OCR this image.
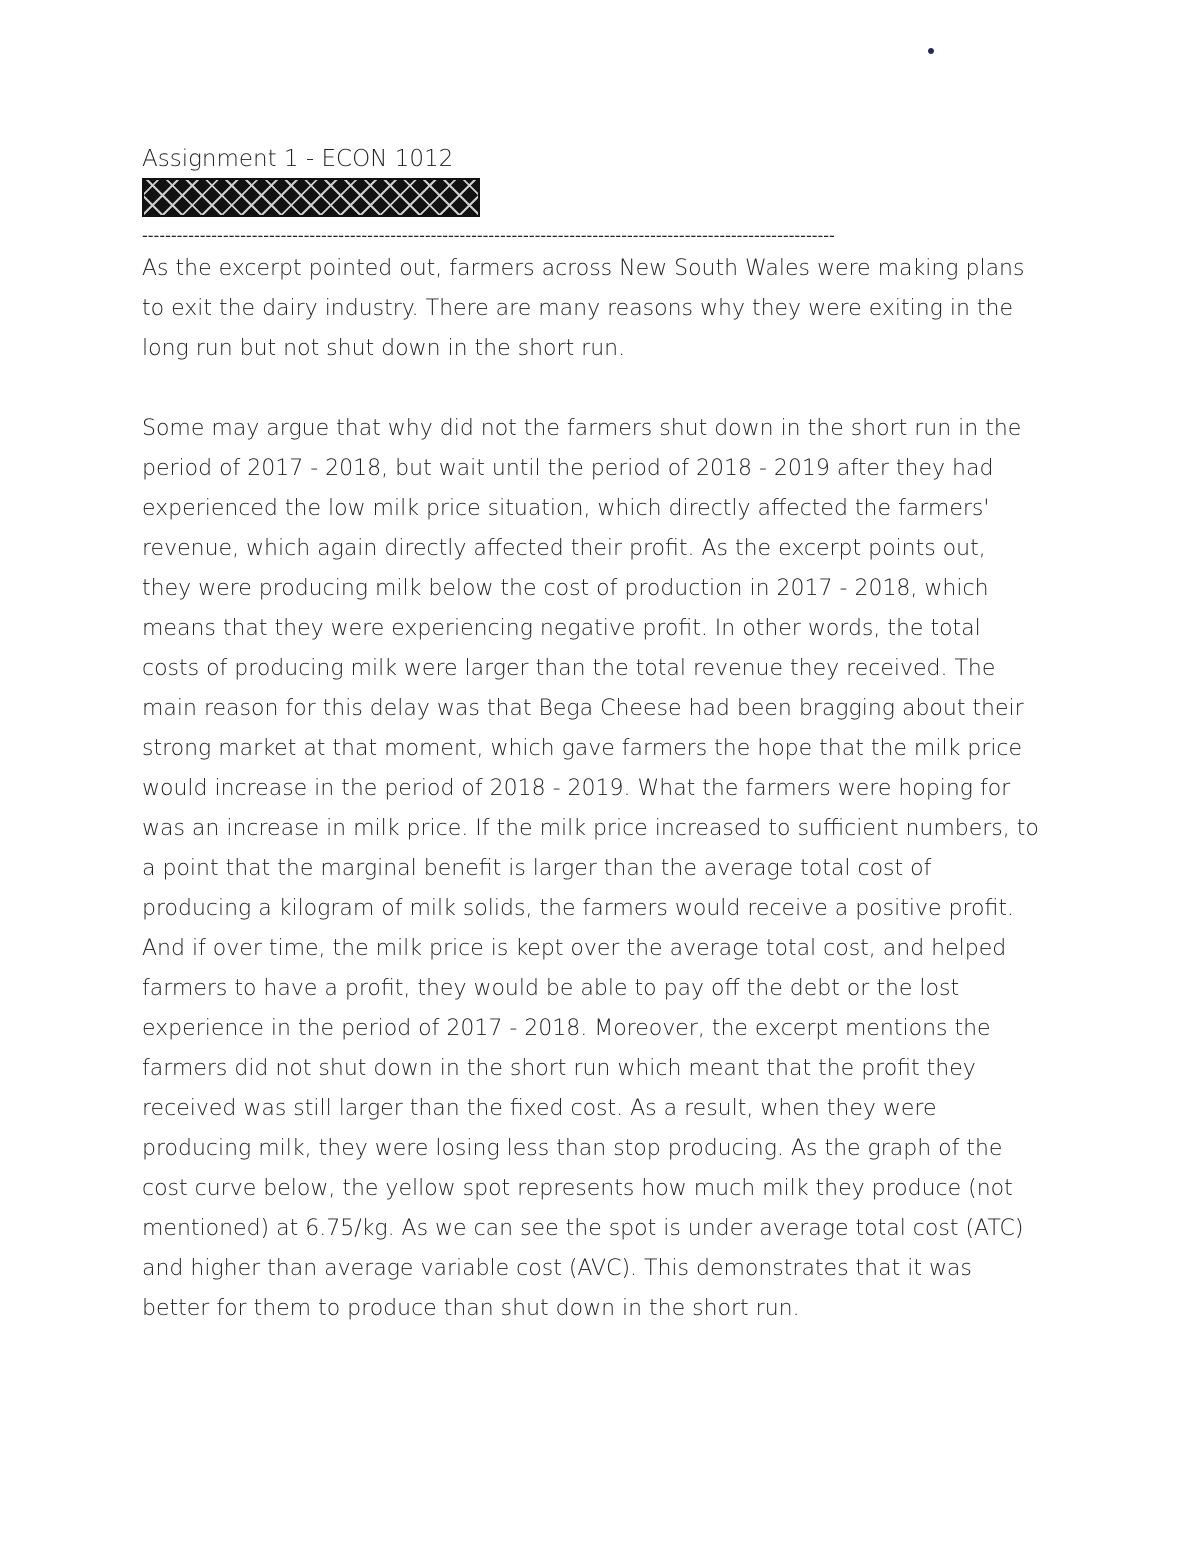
Assignment 1 - ECON 1012
------------------------------------------------------------------------------------------------------------------------
As the excerpt pointed out, farmers across New South Wales were making plans
to exit the dairy industry. There are many reasons why they were exiting in the
long run but not shut down in the short run.
Some may argue that why did not the farmers shut down in the short run in the
period of 2017 - 2018, but wait until the period of 2018 - 2019 after they had
experienced the low milk price situation, which directly affected the farmers'
revenue, which again directly affected their profit. As the excerpt points out,
they were producing milk below the cost of production in 2017 - 2018, which
means that they were experiencing negative profit. In other words, the total
costs of producing milk were larger than the total revenue they received. The
main reason for this delay was that Bega Cheese had been bragging about their
strong market at that moment, which gave farmers the hope that the milk price
would increase in the period of 2018 - 2019. What the farmers were hoping for
was an increase in milk price. If the milk price increased to sufficient numbers, to
a point that the marginal benefit is larger than the average total cost of
producing a kilogram of milk solids, the farmers would receive a positive profit.
And if over time, the milk price is kept over the average total cost, and helped
farmers to have a profit, they would be able to pay off the debt or the lost
experience in the period of 2017 - 2018. Moreover, the excerpt mentions the
farmers did not shut down in the short run which meant that the profit they
received was still larger than the fixed cost. As a result, when they were
producing milk, they were losing less than stop producing. As the graph of the
cost curve below, the yellow spot represents how much milk they produce (not
mentioned) at 6.75/kg. As we can see the spot is under average total cost (ATC)
and higher than average variable cost (AVC). This demonstrates that it was
better for them to produce than shut down in the short run.
